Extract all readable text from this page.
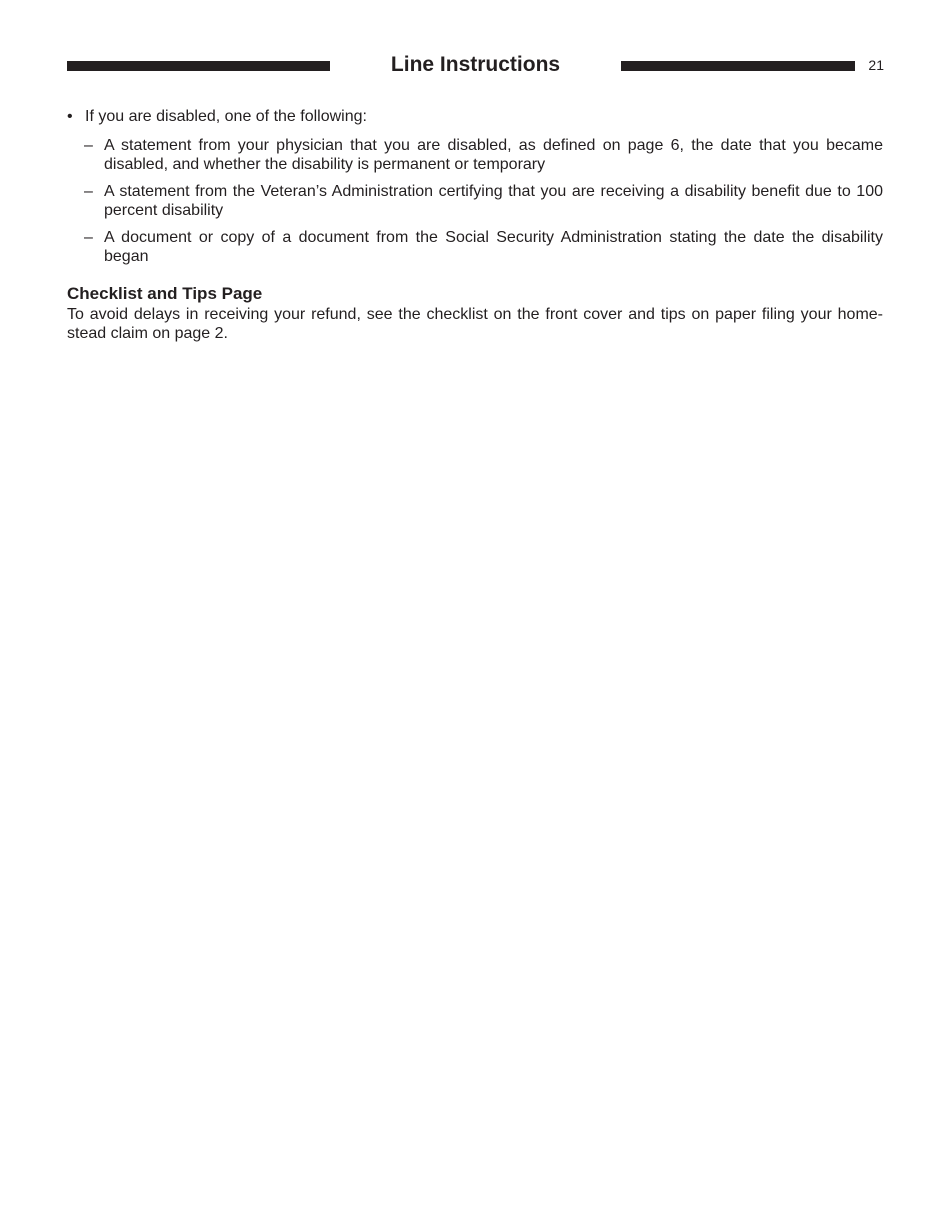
Line Instructions	21
• If you are disabled, one of the following:
– A statement from your physician that you are disabled, as defined on page 6, the date that you became disabled, and whether the disability is permanent or temporary
– A statement from the Veteran’s Administration certifying that you are receiving a disability benefit due to 100 percent disability
– A document or copy of a document from the Social Security Administration stating the date the disability began
Checklist and Tips Page

To avoid delays in receiving your refund, see the checklist on the front cover and tips on paper filing your home-stead claim on page 2.
